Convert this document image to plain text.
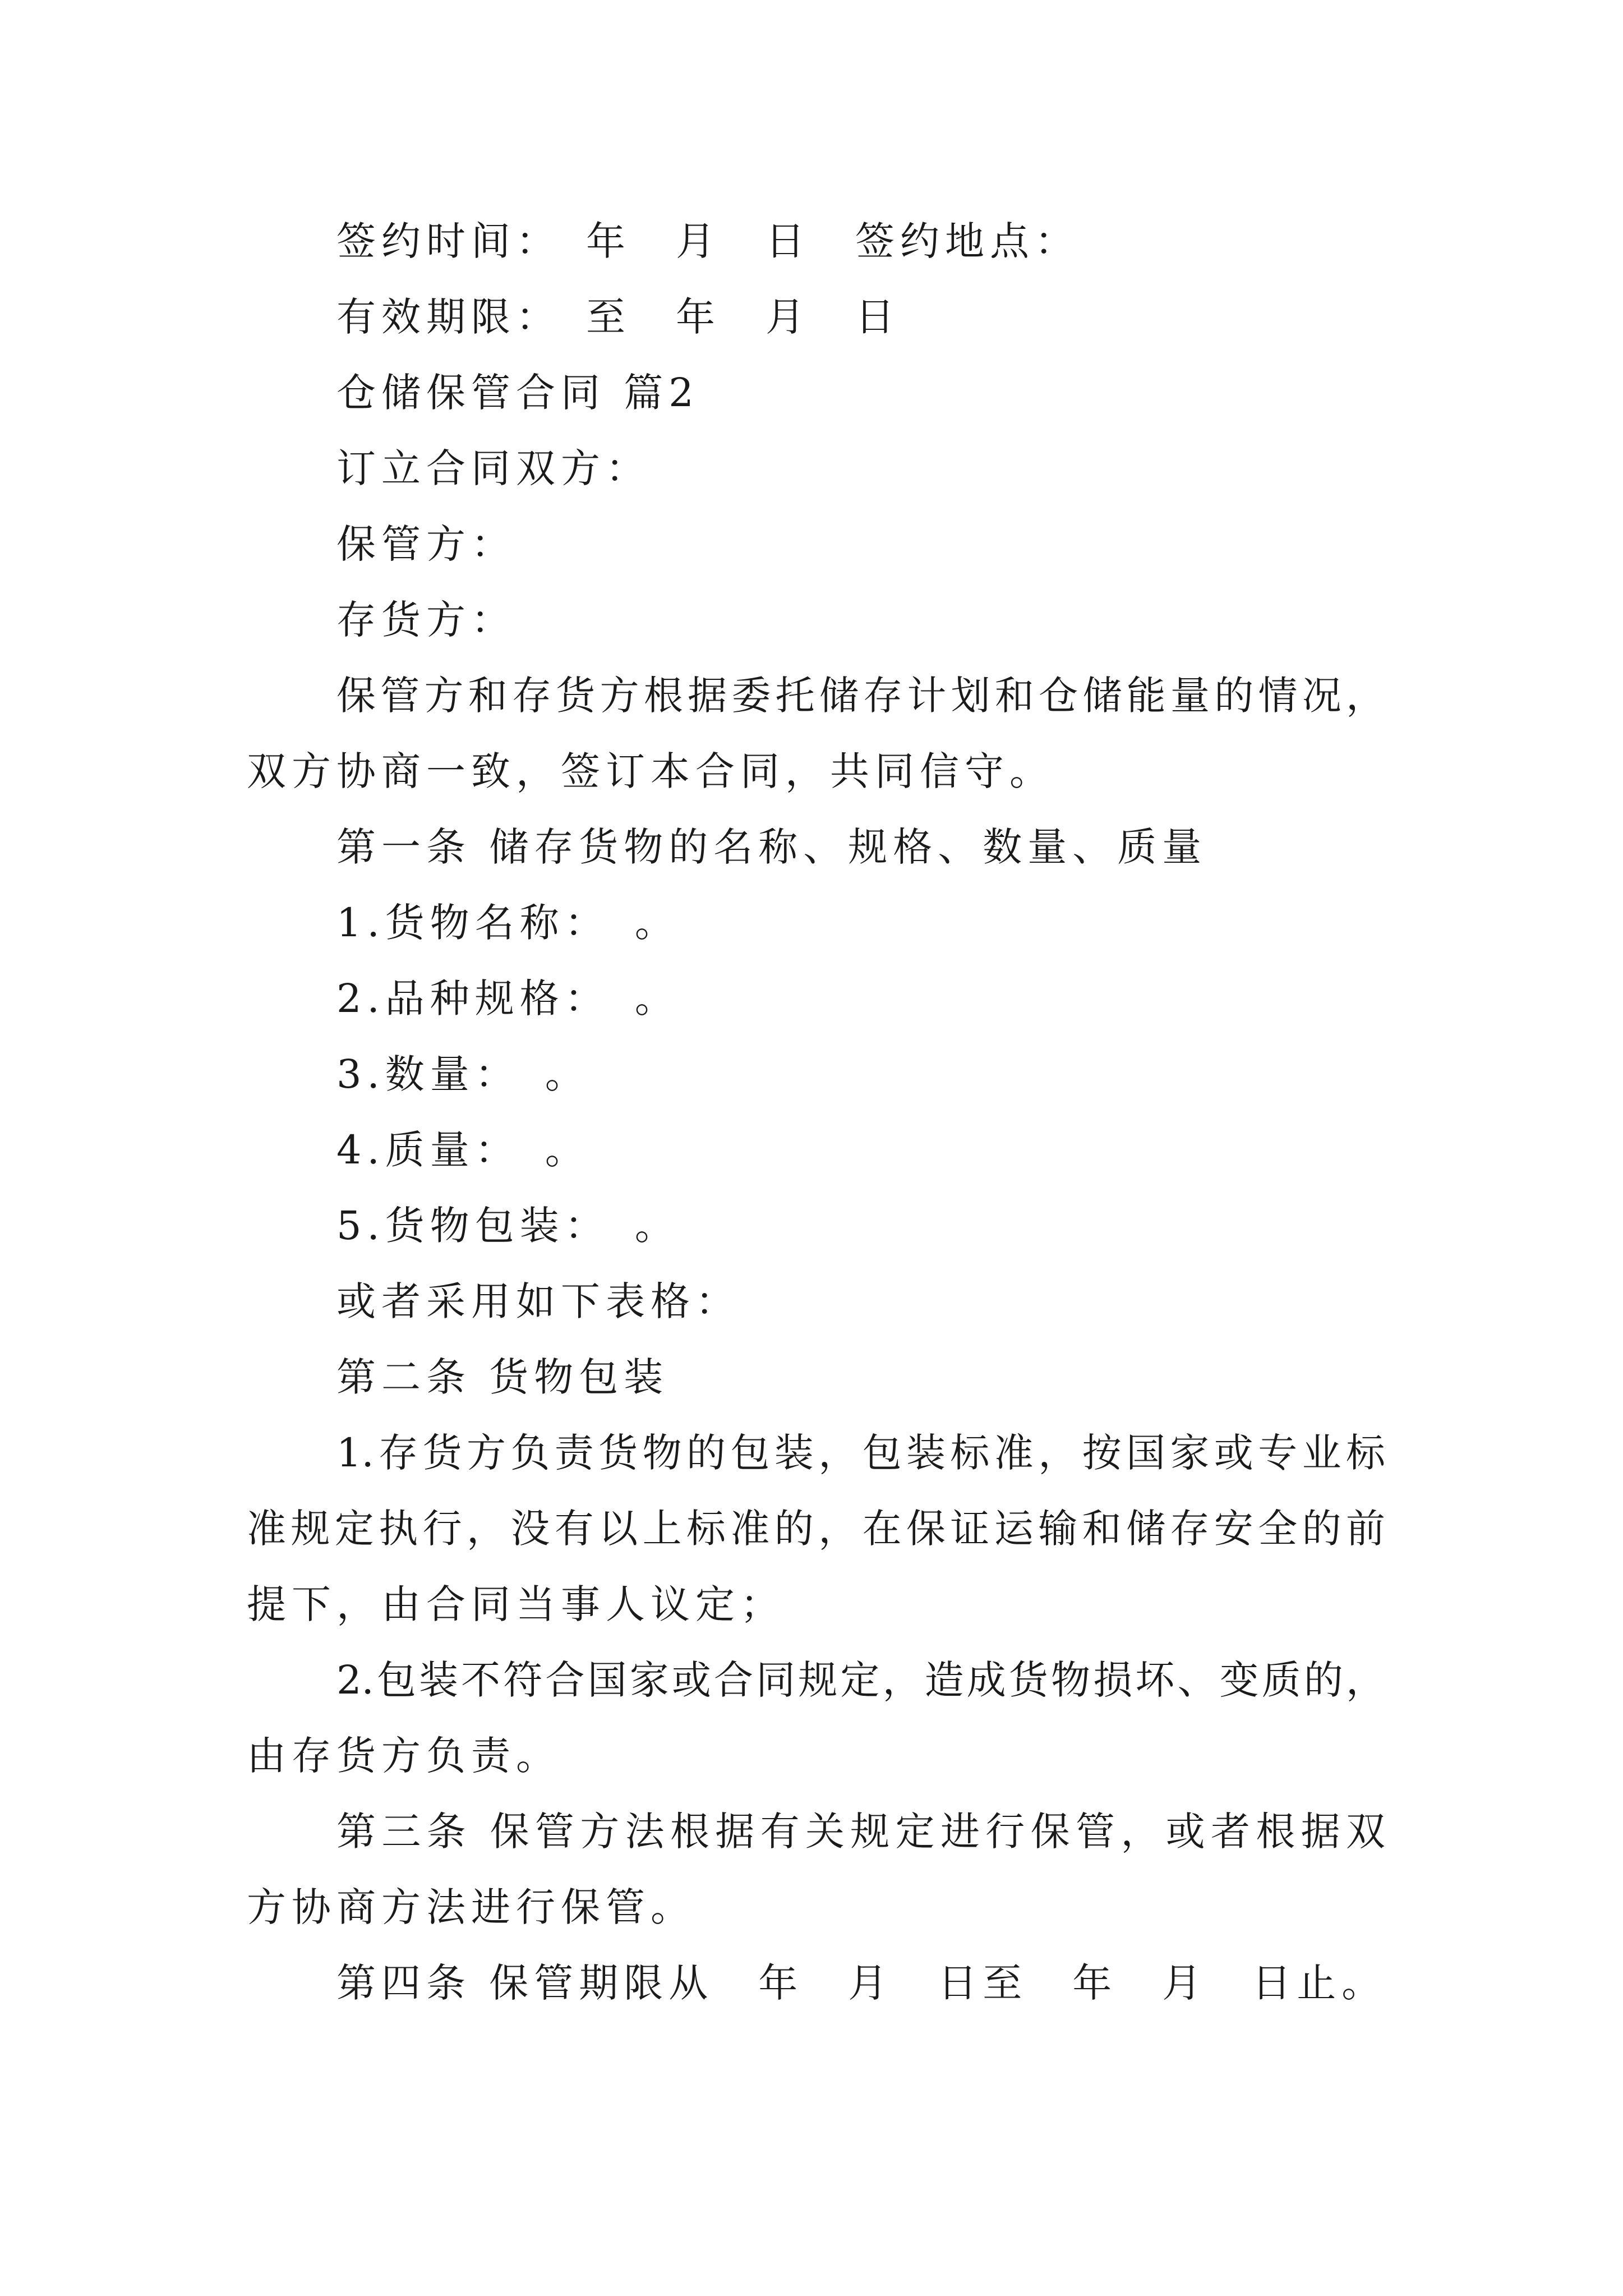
签约时间：　年　月　日　签约地点：

有效期限：　至　年　月　日

仓储保管合同 篇2

订立合同双方：

保管方：

存货方：

保管方和存货方根据委托储存计划和仓储能量的情况，

双方协商一致，签订本合同，共同信守。

第一条 储存货物的名称、规格、数量、质量

1.货物名称：　。

2.品种规格：　。

3.数量：　。

4.质量：　。

5.货物包装：　。

或者采用如下表格：

第二条 货物包装

1.存货方负责货物的包装，包装标准，按国家或专业标

准规定执行，没有以上标准的，在保证运输和储存安全的前

提下，由合同当事人议定；

2.包装不符合国家或合同规定，造成货物损坏、变质的，

由存货方负责。

第三条 保管方法根据有关规定进行保管，或者根据双

方协商方法进行保管。

第四条 保管期限从　年　月　日至　年　月　日止。
